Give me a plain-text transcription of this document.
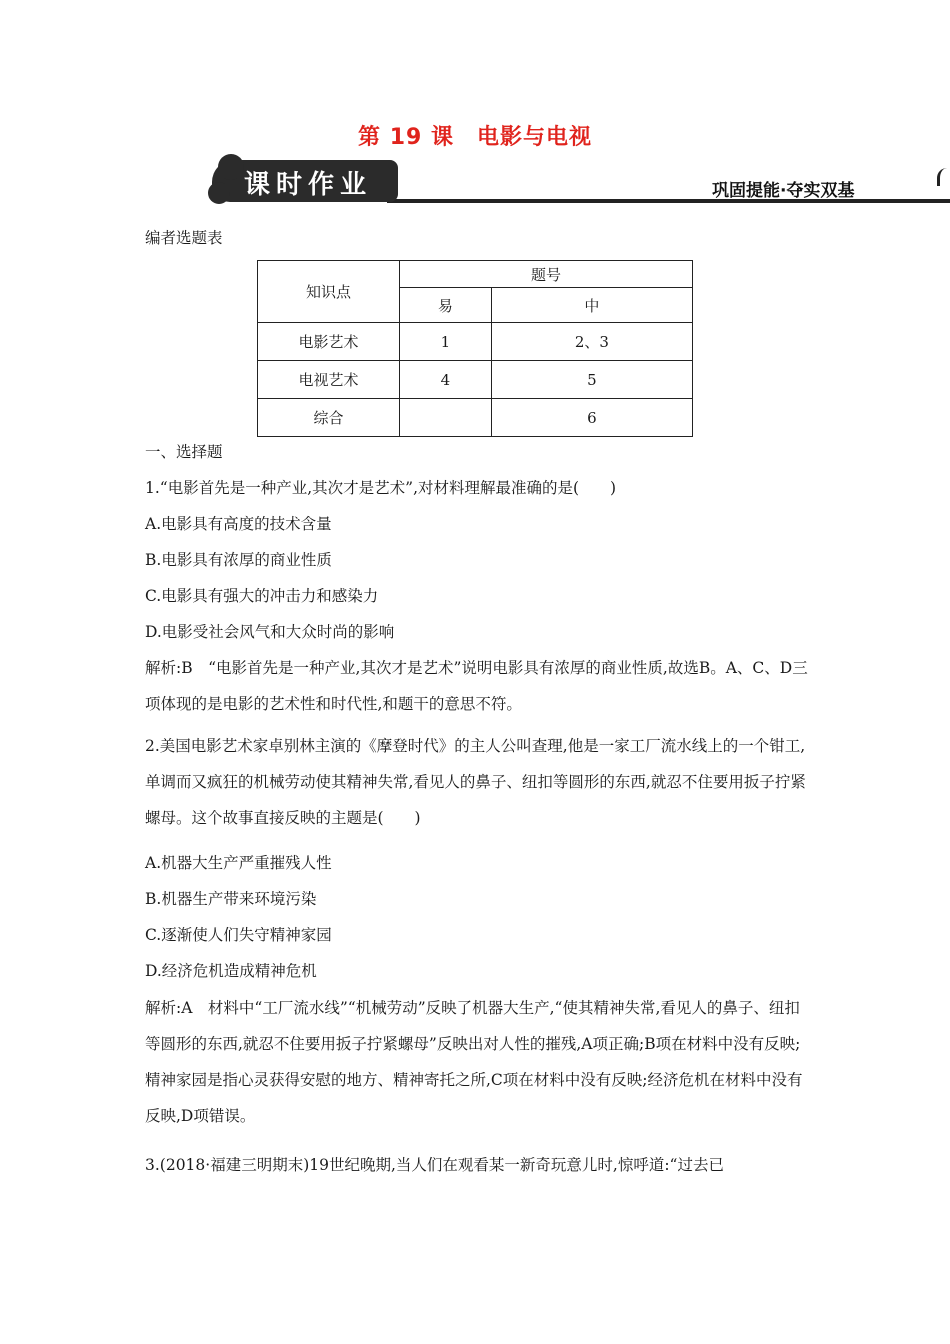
第 19 课　电影与电视
课时作业	巩固提能·夺实双基
编者选题表
知识点	题号	
	易	中
电影艺术	1	2、3
电视艺术	4	5
综合		6
一、选择题
1.“电影首先是一种产业,其次才是艺术”,对材料理解最准确的是(　　)
A.电影具有高度的技术含量
B.电影具有浓厚的商业性质
C.电影具有强大的冲击力和感染力
D.电影受社会风气和大众时尚的影响
解析:B　“电影首先是一种产业,其次才是艺术”说明电影具有浓厚的商业性质,故选B。A、C、D三项体现的是电影的艺术性和时代性,和题干的意思不符。
2.美国电影艺术家卓别林主演的《摩登时代》的主人公叫查理,他是一家工厂流水线上的一个钳工,单调而又疯狂的机械劳动使其精神失常,看见人的鼻子、纽扣等圆形的东西,就忍不住要用扳子拧紧螺母。这个故事直接反映的主题是(　　)
A.机器大生产严重摧残人性
B.机器生产带来环境污染
C.逐渐使人们失守精神家园
D.经济危机造成精神危机
解析:A　材料中“工厂流水线”“机械劳动”反映了机器大生产,“使其精神失常,看见人的鼻子、纽扣等圆形的东西,就忍不住要用扳子拧紧螺母”反映出对人性的摧残,A项正确;B项在材料中没有反映;精神家园是指心灵获得安慰的地方、精神寄托之所,C项在材料中没有反映;经济危机在材料中没有反映,D项错误。
3.(2018·福建三明期末)19世纪晚期,当人们在观看某一新奇玩意儿时,惊呼道:“过去已
